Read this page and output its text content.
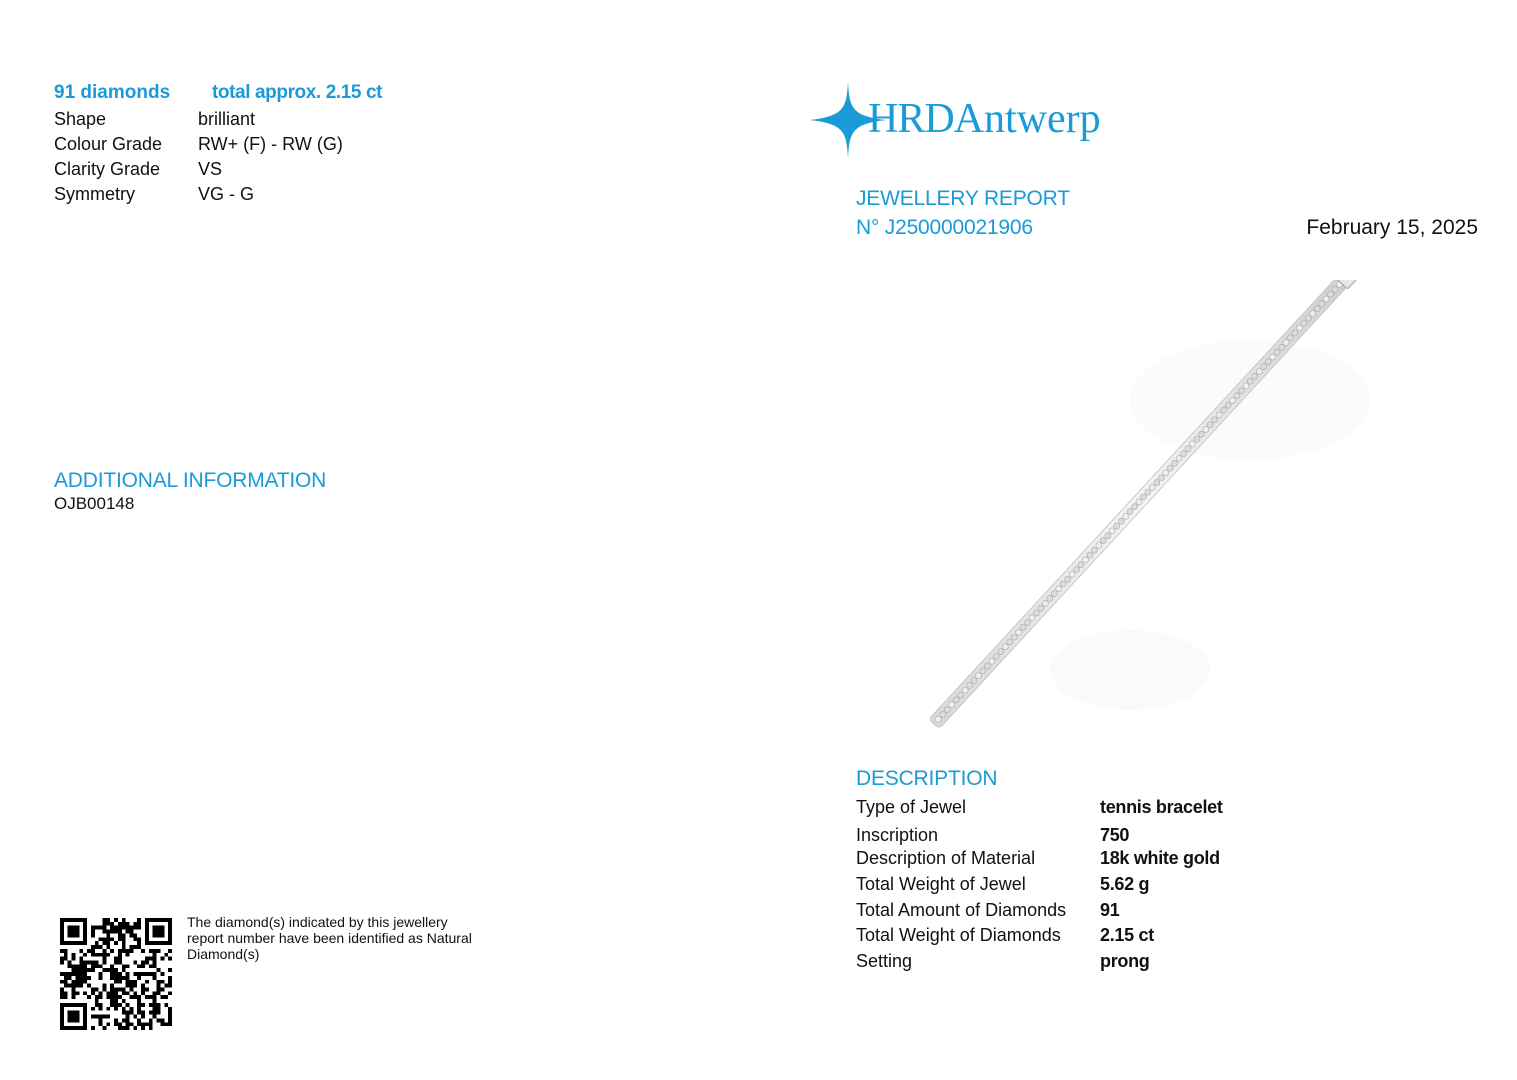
91 diamonds total approx. 2.15 ct
Shape	brilliant
Colour Grade RW+ (F) - RW (G)
Clarity Grade VS
Symmetry	VG - G
ADDITIONAL INFORMATION
OJB00148
The diamond(s) indicated by this jewellery report number have been identified as Natural Diamond(s)
HRDAntwerp
JEWELLERY REPORT
N° J250000021906	February 15, 2025
DESCRIPTION
Type of Jewel	tennis bracelet
Inscription	750
Description of Material	18k white gold
Total Weight of Jewel	5.62 g
Total Amount of Diamonds 91
Total Weight of Diamonds 2.15 ct
Setting	prong
